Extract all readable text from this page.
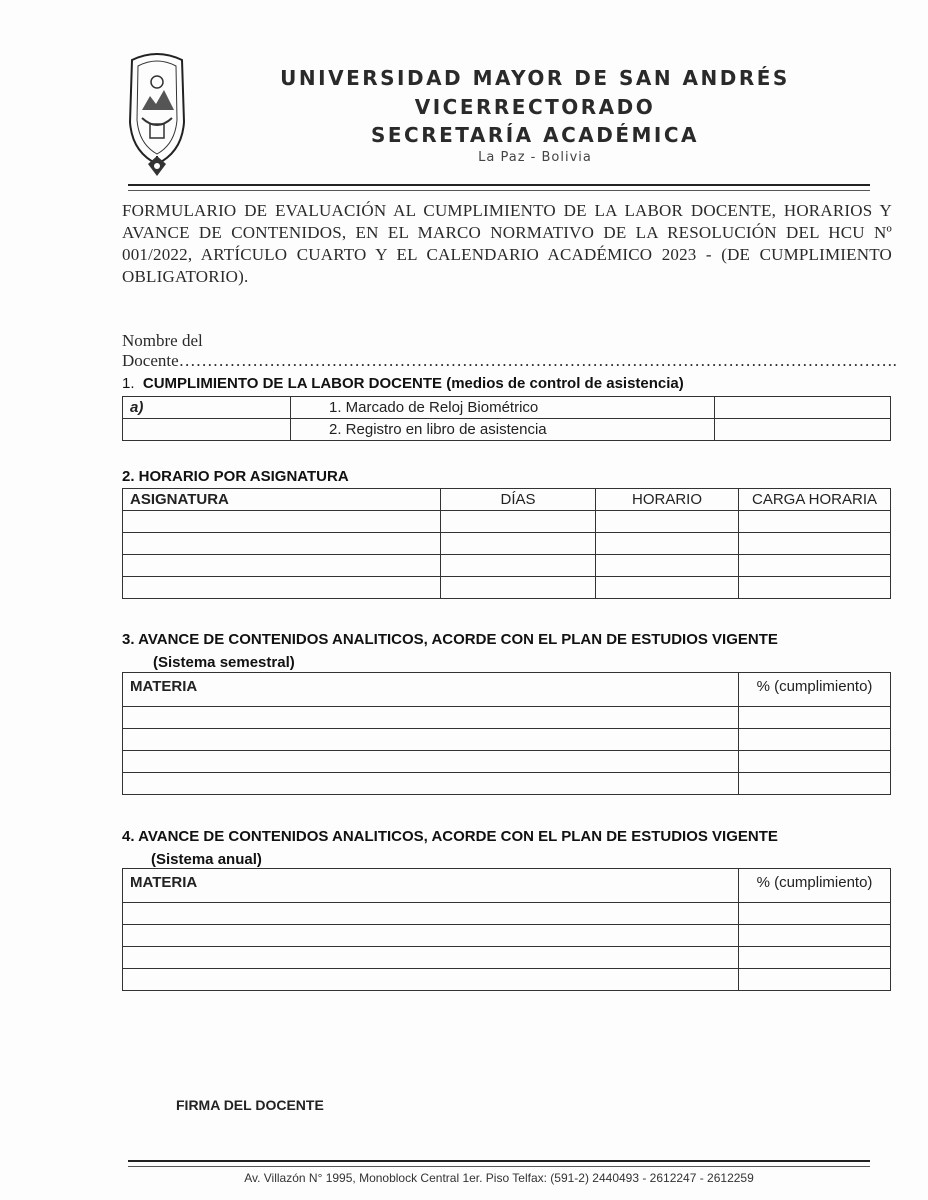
UNIVERSIDAD MAYOR DE SAN ANDRÉS
VICERRECTORADO
SECRETARÍA ACADÉMICA
La Paz - Bolivia
FORMULARIO DE EVALUACIÓN AL CUMPLIMIENTO DE LA LABOR DOCENTE, HORARIOS Y AVANCE DE CONTENIDOS, EN EL MARCO NORMATIVO DE LA RESOLUCIÓN DEL HCU Nº 001/2022, ARTÍCULO CUARTO Y EL CALENDARIO ACADÉMICO 2023 - (DE CUMPLIMIENTO OBLIGATORIO).
Nombre del Docente……………………………………………………………………………………………………………….
1. CUMPLIMIENTO DE LA LABOR DOCENTE (medios de control de asistencia)
a)	1. Marcado de Reloj Biométrico	
	2. Registro en libro de asistencia	
2. HORARIO POR ASIGNATURA
ASIGNATURA	DÍAS	HORARIO	CARGA HORARIA

3. AVANCE DE CONTENIDOS ANALITICOS, ACORDE CON EL PLAN DE ESTUDIOS VIGENTE
(Sistema semestral)
MATERIA	% (cumplimiento)

4. AVANCE DE CONTENIDOS ANALITICOS, ACORDE CON EL PLAN DE ESTUDIOS VIGENTE
(Sistema anual)
MATERIA	% (cumplimiento)

FIRMA DEL DOCENTE
Av. Villazón N° 1995, Monoblock Central 1er. Piso Telfax: (591-2) 2440493 - 2612247 - 2612259
